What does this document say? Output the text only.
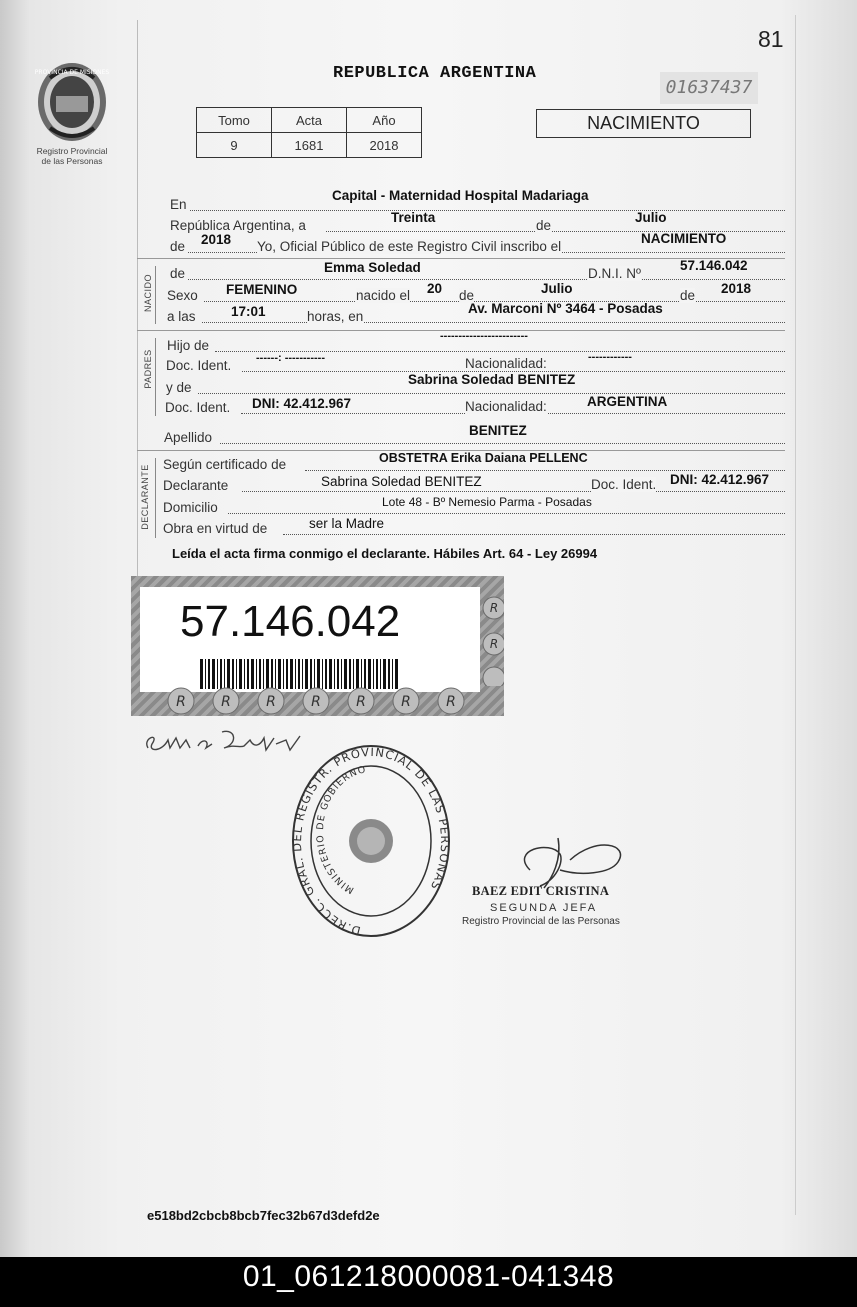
81
PROVINCIA DE MISIONES
Registro Provincial
de las Personas
REPUBLICA ARGENTINA
01637437
Tomo	Acta	Año
9	1681	2018
NACIMIENTO
En
Capital - Maternidad Hospital Madariaga
República Argentina, a
Treinta
de
Julio
de 2018 Yo, Oficial Público de este Registro Civil inscribo el
NACIMIENTO
NACIDO
de	Emma Soledad	D.N.I. Nº
57.146.042
Sexo FEMENINO	nacido el 20 de	Julio	de 2018
a las	17:01	horas, en
Av. Marconi Nº 3464 - Posadas
PADRES
Hijo de
------------------------
Doc. Ident. ------: -----------	Nacionalidad:	------------
y de
Sabrina Soledad BENITEZ
Doc. Ident. DNI: 42.412.967	Nacionalidad:	ARGENTINA
Apellido	BENITEZ
DECLARANTE Según certificado de	OBSTETRA Erika Daiana PELLENC
Declarante	Sabrina Soledad BENITEZ	Doc. Ident. DNI: 42.412.967
Domicilio	Lote 48 - Bº Nemesio Parma - Posadas
Obra en virtud de	ser la Madre
Leída el acta firma conmigo el declarante. Hábiles Art. 64 - Ley 26994
57.146.042
R	R	R	R	R	R	R
R
R
Sabrina Benitez
D.RECC. GRAL. DEL REGISTR. PROVINCIAL DE LAS PERSONAS
MINISTERIO DE GOBIERNO
BAEZ EDIT CRISTINA
SEGUNDA JEFA
Registro Provincial de las Personas
e518bd2cbcb8bcb7fec32b67d3defd2e
01_061218000081-041348
